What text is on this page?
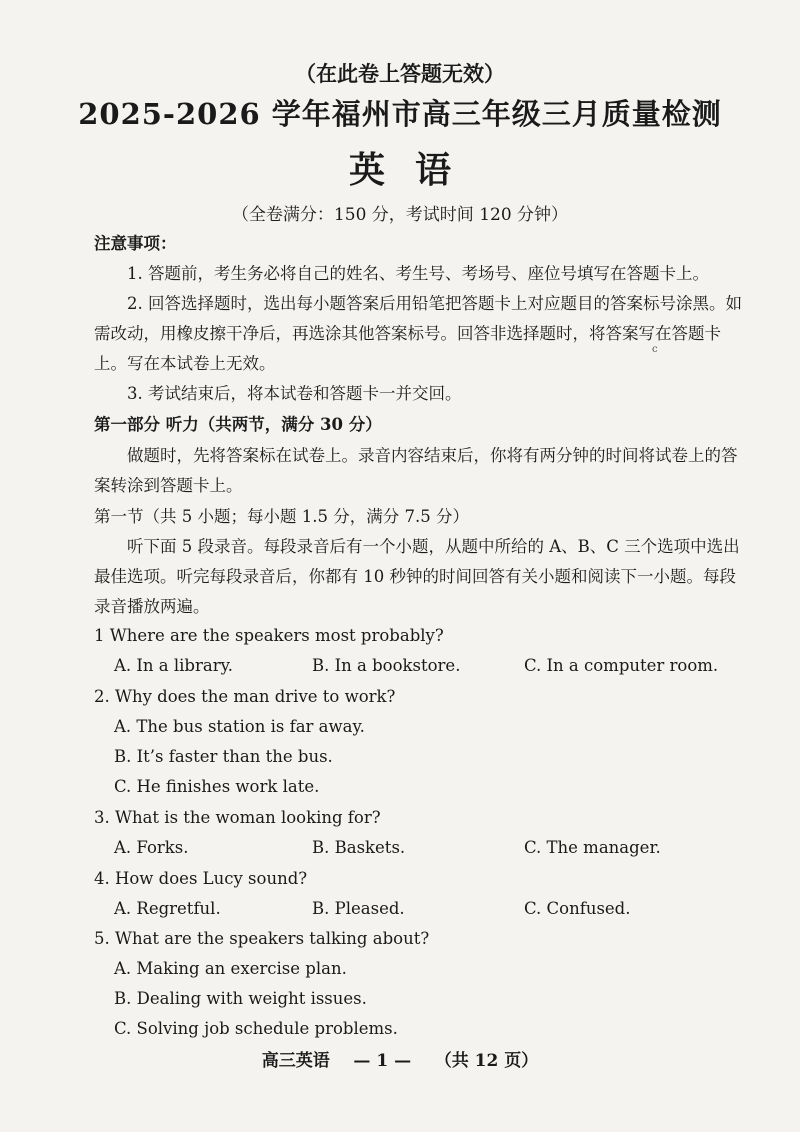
（在此卷上答题无效）
2025-2026 学年福州市高三年级三月质量检测
英语
（全卷满分：150 分，考试时间 120 分钟）
注意事项：
1. 答题前，考生务必将自己的姓名、考生号、考场号、座位号填写在答题卡上。
2. 回答选择题时，选出每小题答案后用铅笔把答题卡上对应题目的答案标号涂黑。如需改动，用橡皮擦干净后，再选涂其他答案标号。回答非选择题时，将答案写在答题卡上。写在本试卷上无效。
c
3. 考试结束后，将本试卷和答题卡一并交回。
第一部分 听力（共两节，满分 30 分）
做题时，先将答案标在试卷上。录音内容结束后，你将有两分钟的时间将试卷上的答案转涂到答题卡上。
第一节（共 5 小题；每小题 1.5 分，满分 7.5 分）
听下面 5 段录音。每段录音后有一个小题，从题中所给的 A、B、C 三个选项中选出最佳选项。听完每段录音后，你都有 10 秒钟的时间回答有关小题和阅读下一小题。每段录音播放两遍。
1 Where are the speakers most probably?
A. In a library.	B. In a bookstore.	C. In a computer room.
2. Why does the man drive to work?
A. The bus station is far away.
B. It’s faster than the bus.
C. He finishes work late.
3. What is the woman looking for?
A. Forks.	B. Baskets.	C. The manager.
4. How does Lucy sound?
A. Regretful.	B. Pleased.	C. Confused.
5. What are the speakers talking about?
A. Making an exercise plan.
B. Dealing with weight issues.
C. Solving job schedule problems.
高三英语 — 1 — （共 12 页）
